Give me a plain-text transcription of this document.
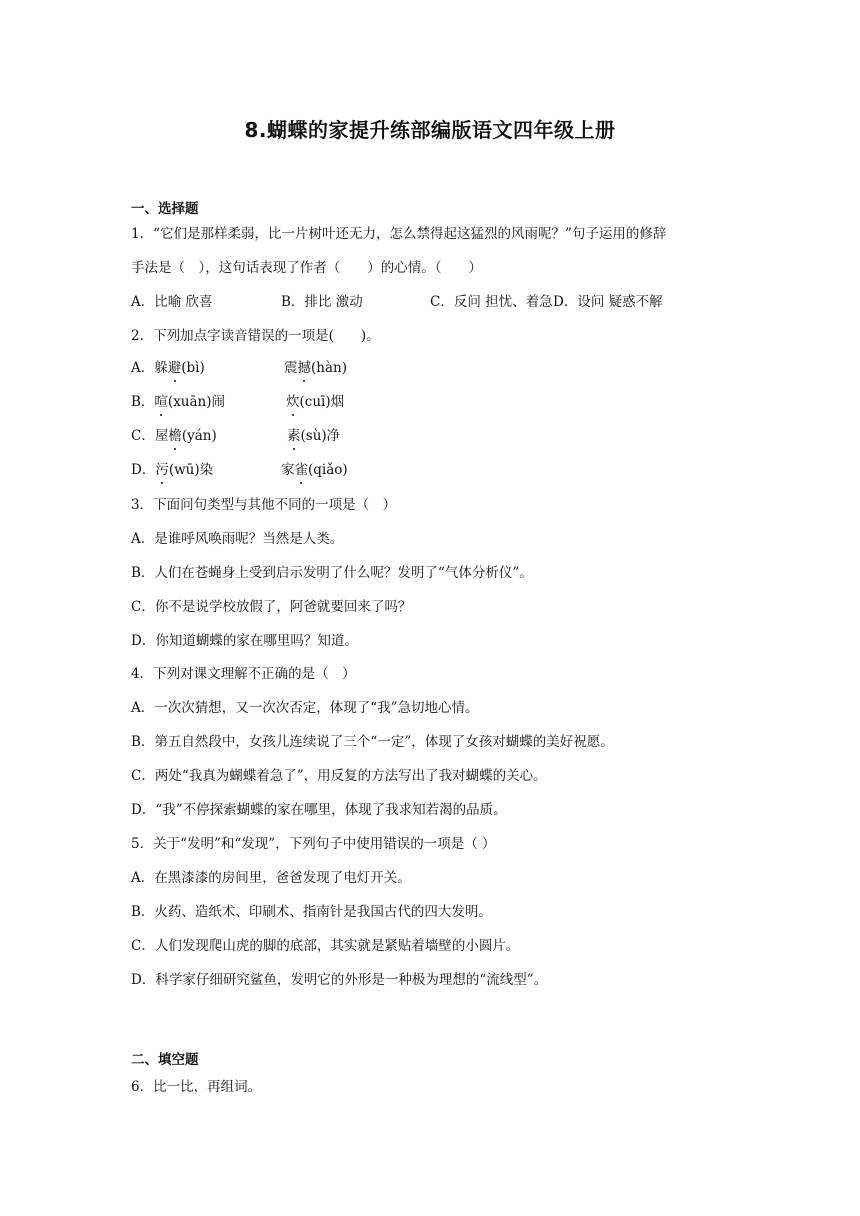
8.蝴蝶的家提升练部编版语文四年级上册
一、选择题
1．“它们是那样柔弱，比一片树叶还无力，怎么禁得起这猛烈的风雨呢？”句子运用的修辞
手法是（　），这句话表现了作者（　　）的心情。（　　）
A．比喻 欣喜	B．排比 激动	C．反问 担忧、着急 D．设问 疑惑不解
2．下列加点字读音错误的一项是(　　)。
A．躲避(bì)	震撼(hàn)
B．喧(xuān)闹	炊(cuī)烟
C．屋檐(yán)	素(sù)净
D．污(wū)染	家雀(qiǎo)
3．下面问句类型与其他不同的一项是（　）
A．是谁呼风唤雨呢？当然是人类。
B．人们在苍蝇身上受到启示发明了什么呢？发明了“气体分析仪”。
C．你不是说学校放假了，阿爸就要回来了吗？
D．你知道蝴蝶的家在哪里吗？知道。
4．下列对课文理解不正确的是（　）
A．一次次猜想，又一次次否定，体现了“我”急切地心情。
B．第五自然段中，女孩儿连续说了三个“一定”，体现了女孩对蝴蝶的美好祝愿。
C．两处“我真为蝴蝶着急了”，用反复的方法写出了我对蝴蝶的关心。
D．“我”不停探索蝴蝶的家在哪里，体现了我求知若渴的品质。
5．关于“发明”和“发现”，下列句子中使用错误的一项是（ ）
A．在黑漆漆的房间里，爸爸发现了电灯开关。
B．火药、造纸术、印刷术、指南针是我国古代的四大发明。
C．人们发现爬山虎的脚的底部，其实就是紧贴着墙壁的小圆片。
D．科学家仔细研究鲨鱼，发明它的外形是一种极为理想的“流线型”。
二、填空题
6．比一比，再组词。
